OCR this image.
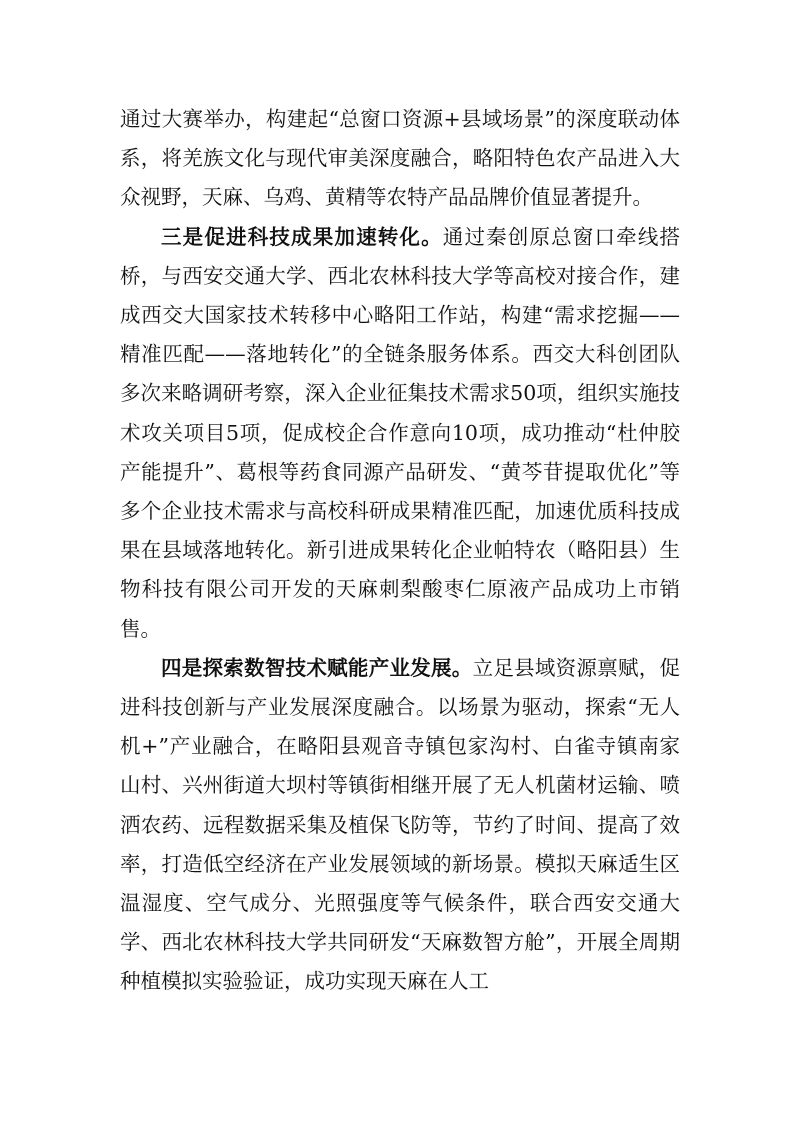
通过大赛举办，构建起“总窗口资源+县域场景”的深度联动体系，将羌族文化与现代审美深度融合，略阳特色农产品进入大众视野，天麻、乌鸡、黄精等农特产品品牌价值显著提升。

三是促进科技成果加速转化。通过秦创原总窗口牵线搭桥，与西安交通大学、西北农林科技大学等高校对接合作，建成西交大国家技术转移中心略阳工作站，构建“需求挖掘——精准匹配——落地转化”的全链条服务体系。西交大科创团队多次来略调研考察，深入企业征集技术需求50项，组织实施技术攻关项目5项，促成校企合作意向10项，成功推动“杜仲胶产能提升”、葛根等药食同源产品研发、“黄芩苷提取优化”等多个企业技术需求与高校科研成果精准匹配，加速优质科技成果在县域落地转化。新引进成果转化企业帕特农（略阳县）生物科技有限公司开发的天麻刺梨酸枣仁原液产品成功上市销售。

四是探索数智技术赋能产业发展。立足县域资源禀赋，促进科技创新与产业发展深度融合。以场景为驱动，探索“无人机+”产业融合，在略阳县观音寺镇包家沟村、白雀寺镇南家山村、兴州街道大坝村等镇街相继开展了无人机菌材运输、喷洒农药、远程数据采集及植保飞防等，节约了时间、提高了效率，打造低空经济在产业发展领域的新场景。模拟天麻适生区温湿度、空气成分、光照强度等气候条件，联合西安交通大学、西北农林科技大学共同研发“天麻数智方舱”，开展全周期种植模拟实验验证，成功实现天麻在人工
